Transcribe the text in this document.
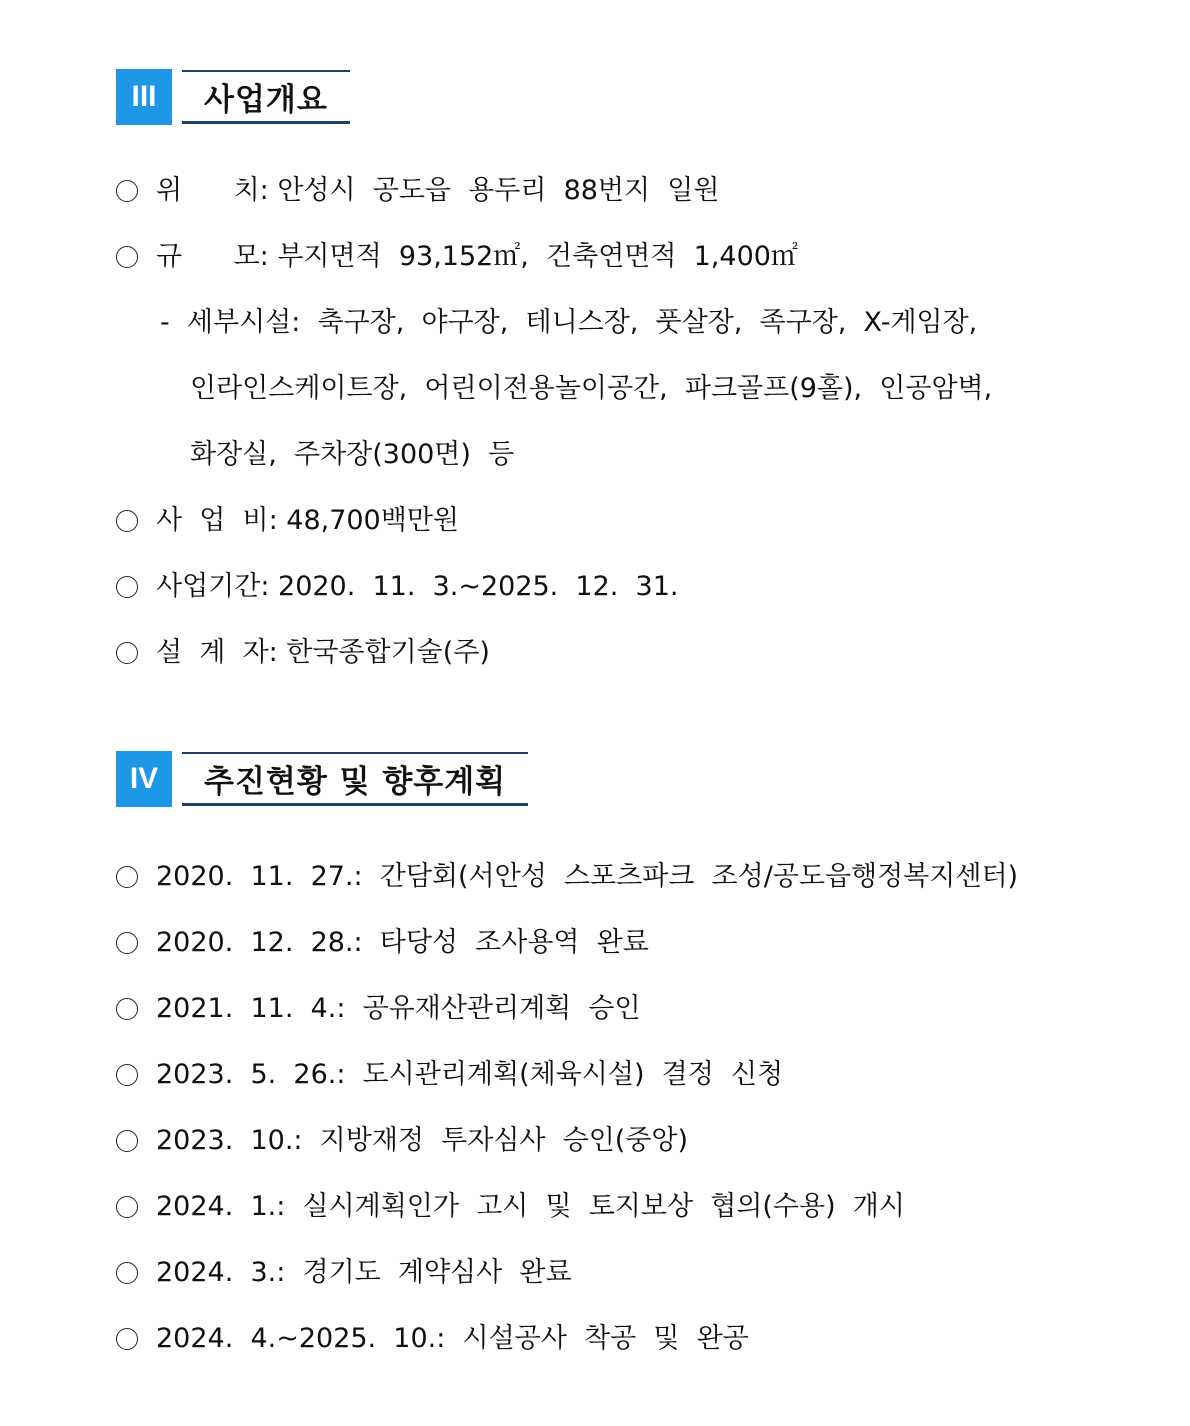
III	사업개요
위      치: 안성시  공도읍  용두리  88번지  일원
규      모: 부지면적  93,152㎡,  건축연면적  1,400㎡
-  세부시설:  축구장,  야구장,  테니스장,  풋살장,  족구장,  X-게임장,
인라인스케이트장,  어린이전용놀이공간,  파크골프(9홀),  인공암벽,
화장실,  주차장(300면)  등
사  업  비: 48,700백만원
사업기간: 2020.  11.  3.~2025.  12.  31.
설  계  자: 한국종합기술(주)
IV	추진현황 및 향후계획
2020.  11.  27.:  간담회(서안성  스포츠파크  조성/공도읍행정복지센터)
2020.  12.  28.:  타당성  조사용역  완료
2021.  11.  4.:  공유재산관리계획  승인
2023.  5.  26.:  도시관리계획(체육시설)  결정  신청
2023.  10.:  지방재정  투자심사  승인(중앙)
2024.  1.:  실시계획인가  고시  및  토지보상  협의(수용)  개시
2024.  3.:  경기도  계약심사  완료
2024.  4.~2025.  10.:  시설공사  착공  및  완공
